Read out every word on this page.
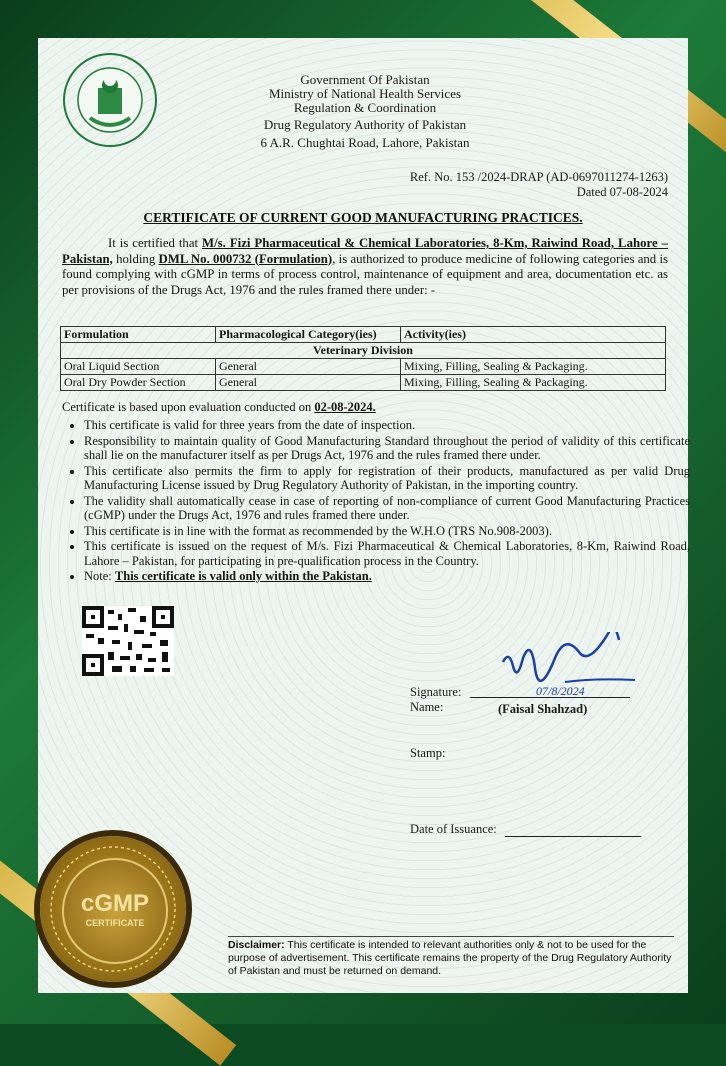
Government Of Pakistan
Ministry of National Health Services
Regulation & Coordination
Drug Regulatory Authority of Pakistan
6 A.R. Chughtai Road, Lahore, Pakistan
Ref. No. 153 /2024-DRAP (AD-0697011274-1263)
Dated 07-08-2024
CERTIFICATE OF CURRENT GOOD MANUFACTURING PRACTICES.
It is certified that M/s. Fizi Pharmaceutical & Chemical Laboratories, 8-Km, Raiwind Road, Lahore – Pakistan, holding DML No. 000732 (Formulation), is authorized to produce medicine of following categories and is found complying with cGMP in terms of process control, maintenance of equipment and area, documentation etc. as per provisions of the Drugs Act, 1976 and the rules framed there under: -
Formulation	Pharmacological Category(ies)	Activity(ies)
Veterinary Division		
Oral Liquid Section	General	Mixing, Filling, Sealing & Packaging.
Oral Dry Powder Section	General	Mixing, Filling, Sealing & Packaging.
Certificate is based upon evaluation conducted on 02-08-2024.
• This certificate is valid for three years from the date of inspection.
• Responsibility to maintain quality of Good Manufacturing Standard throughout the period of validity of this certificate shall lie on the manufacturer itself as per Drugs Act, 1976 and the rules framed there under.
• This certificate also permits the firm to apply for registration of their products, manufactured as per valid Drug Manufacturing License issued by Drug Regulatory Authority of Pakistan, in the importing country.
• The validity shall automatically cease in case of reporting of non-compliance of current Good Manufacturing Practices (cGMP) under the Drugs Act, 1976 and rules framed there under.
• This certificate is in line with the format as recommended by the W.H.O (TRS No.908-2003).
• This certificate is issued on the request of M/s. Fizi Pharmaceutical & Chemical Laboratories, 8-Km, Raiwind Road, Lahore – Pakistan, for participating in pre-qualification process in the Country.
• Note: This certificate is valid only within the Pakistan.
Signature:	07/8/2024
Name:	(Faisal Shahzad)
Stamp:
Date of Issuance:
cGMP
CERTIFICATE
Disclaimer: This certificate is intended to relevant authorities only & not to be used for the purpose of advertisement. This certificate remains the property of the Drug Regulatory Authority of Pakistan and must be returned on demand.
